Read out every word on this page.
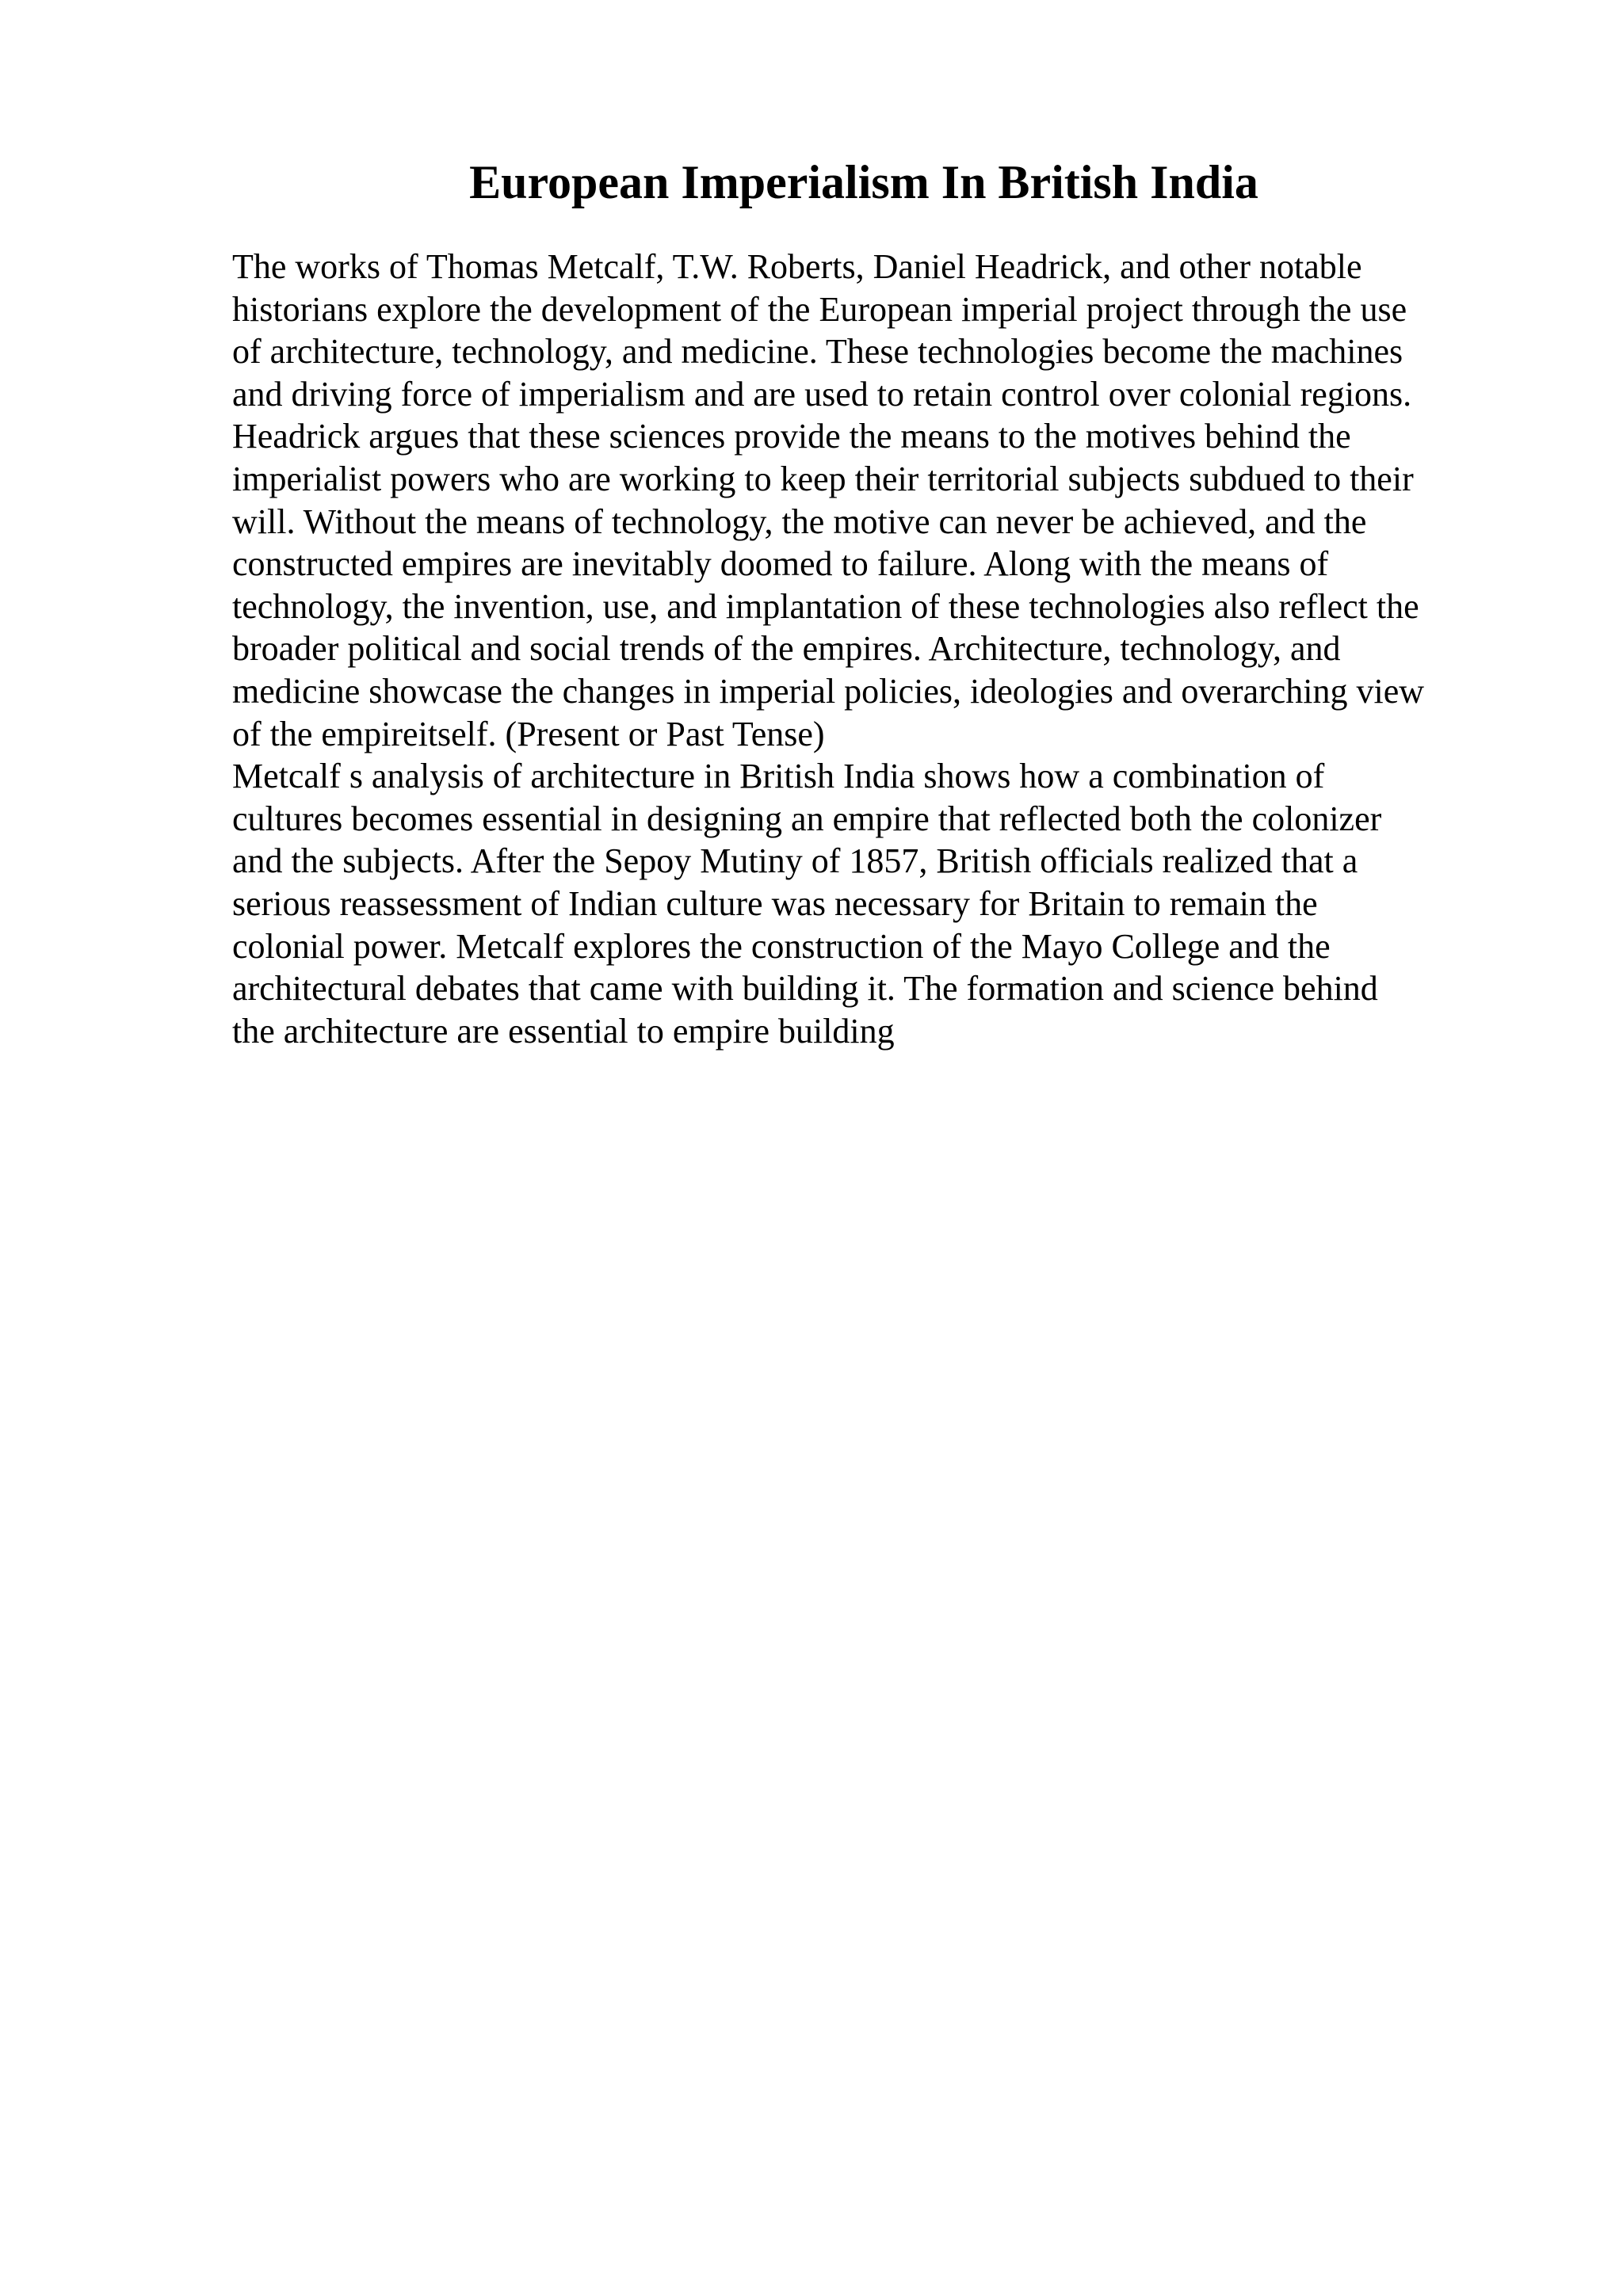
European Imperialism In British India
The works of Thomas Metcalf, T.W. Roberts, Daniel Headrick, and other notable
historians explore the development of the European imperial project through the use
of architecture, technology, and medicine. These technologies become the machines
and driving force of imperialism and are used to retain control over colonial regions.
Headrick argues that these sciences provide the means to the motives behind the
imperialist powers who are working to keep their territorial subjects subdued to their
will. Without the means of technology, the motive can never be achieved, and the
constructed empires are inevitably doomed to failure. Along with the means of
technology, the invention, use, and implantation of these technologies also reflect the
broader political and social trends of the empires. Architecture, technology, and
medicine showcase the changes in imperial policies, ideologies and overarching view
of the empireitself. (Present or Past Tense)
Metcalf s analysis of architecture in British India shows how a combination of
cultures becomes essential in designing an empire that reflected both the colonizer
and the subjects. After the Sepoy Mutiny of 1857, British officials realized that a
serious reassessment of Indian culture was necessary for Britain to remain the
colonial power. Metcalf explores the construction of the Mayo College and the
architectural debates that came with building it. The formation and science behind
the architecture are essential to empire building
